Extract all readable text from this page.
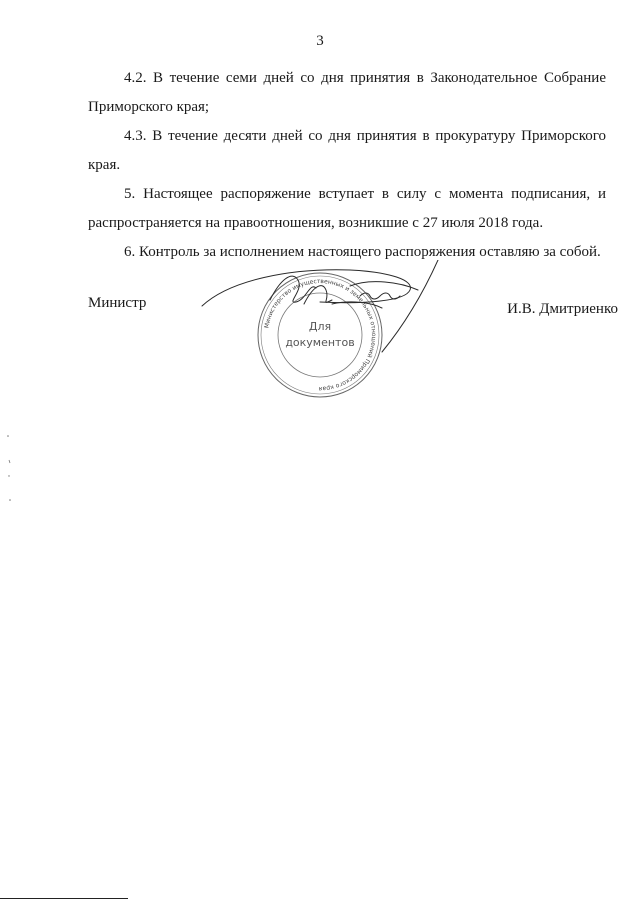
3

4.2. В течение семи дней со дня принятия в Законодательное Собрание Приморского края;

4.3. В течение десяти дней со дня принятия в прокуратуру Приморского края.

5. Настоящее распоряжение вступает в силу с момента подписания, и распространяется на правоотношения, возникшие с 27 июля 2018 года.

6. Контроль за исполнением настоящего распоряжения оставляю за собой.

Министр
Министерство имущественных и земельных отношений Приморского края
Для
документов
И.В. Дмитриенко
